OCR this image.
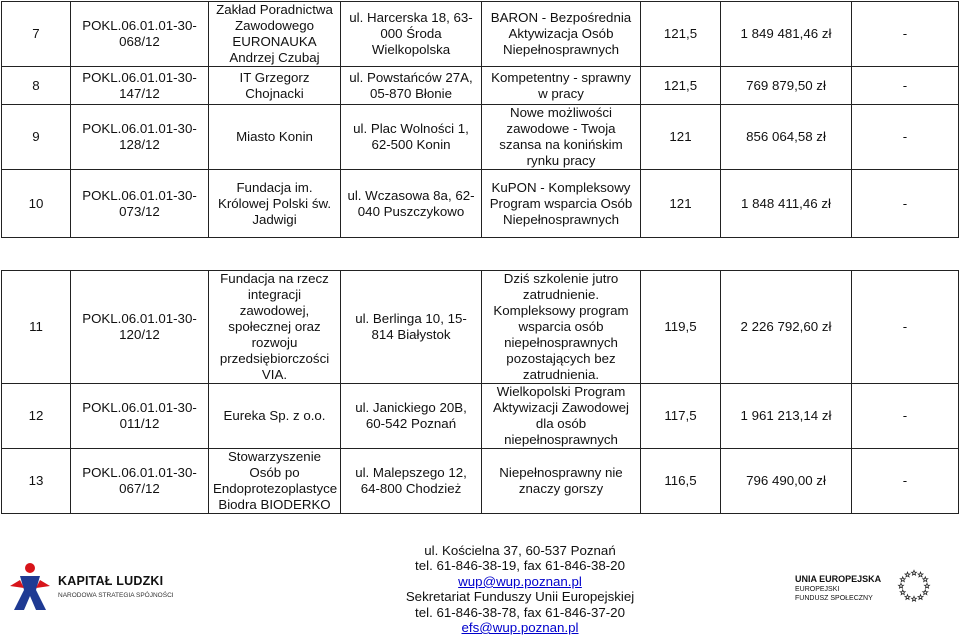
7	POKL.06.01.01-30-068/12	Zakład Poradnictwa Zawodowego EURONAUKA Andrzej Czubaj	ul. Harcerska 18, 63-000 Środa Wielkopolska	BARON - Bezpośrednia Aktywizacja Osób Niepełnosprawnych	121,5	1 849 481,46 zł	-
8	POKL.06.01.01-30-147/12	IT Grzegorz Chojnacki	ul. Powstańców 27A, 05-870 Błonie	Kompetentny - sprawny w pracy	121,5	769 879,50 zł	-
9	POKL.06.01.01-30-128/12	Miasto Konin	ul. Plac Wolności 1, 62-500 Konin	Nowe możliwości zawodowe - Twoja szansa na konińskim rynku pracy	121	856 064,58 zł	-
10	POKL.06.01.01-30-073/12	Fundacja im. Królowej Polski św. Jadwigi	ul. Wczasowa 8a, 62-040 Puszczykowo	KuPON - Kompleksowy Program wsparcia Osób Niepełnosprawnych	121	1 848 411,46 zł	-

11	POKL.06.01.01-30-120/12	Fundacja na rzecz integracji zawodowej, społecznej oraz rozwoju przedsiębiorczości VIA.	ul. Berlinga 10, 15-814 Białystok	Dziś szkolenie jutro zatrudnienie. Kompleksowy program wsparcia osób niepełnosprawnych pozostających bez zatrudnienia.	119,5	2 226 792,60 zł	-
12	POKL.06.01.01-30-011/12	Eureka Sp. z o.o.	ul. Janickiego 20B, 60-542 Poznań	Wielkopolski Program Aktywizacji Zawodowej dla osób niepełnosprawnych	117,5	1 961 213,14 zł	-
13	POKL.06.01.01-30-067/12	Stowarzyszenie Osób po Endoprotezoplastyce Biodra BIODERKO	ul. Malepszego 12, 64-800 Chodzież	Niepełnosprawny nie znaczy gorszy	116,5	796 490,00 zł	-
ul. Kościelna 37, 60-537 Poznań
tel. 61-846-38-19, fax 61-846-38-20
wup@wup.poznan.pl
Sekretariat Funduszy Unii Europejskiej
tel. 61-846-38-78, fax 61-846-37-20
efs@wup.poznan.pl
KAPITAŁ LUDZKI
NARODOWA STRATEGIA SPÓJNOŚCI
UNIA EUROPEJSKA
EUROPEJSKI
FUNDUSZ SPOŁECZNY
